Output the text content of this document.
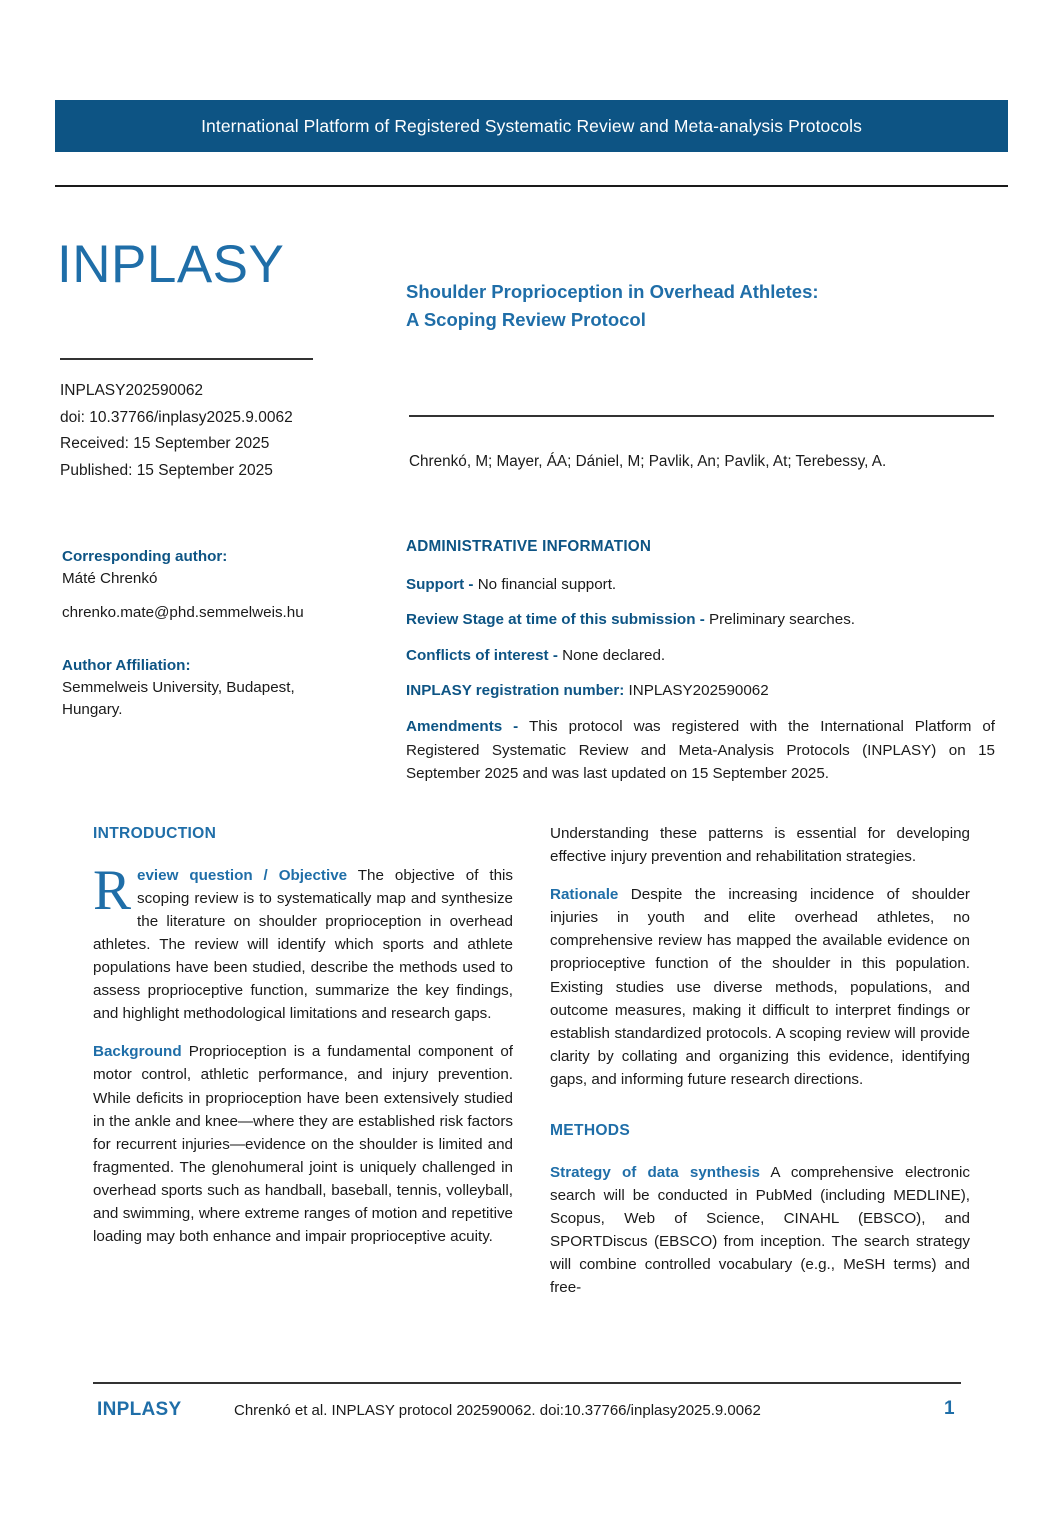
International Platform of Registered Systematic Review and Meta-analysis Protocols
INPLASY
INPLASY202590062
doi: 10.37766/inplasy2025.9.0062
Received: 15 September 2025
Published: 15 September 2025
Corresponding author:
Máté Chrenkó
chrenko.mate@phd.semmelweis.hu
Author Affiliation:
Semmelweis University, Budapest,
Hungary.
Shoulder Proprioception in Overhead Athletes:
A Scoping Review Protocol
Chrenkó, M; Mayer, ÁA; Dániel, M; Pavlik, An; Pavlik, At; Terebessy, A.
ADMINISTRATIVE INFORMATION

Support - No financial support.

Review Stage at time of this submission - Preliminary searches.

Conflicts of interest - None declared.

INPLASY registration number: INPLASY202590062

Amendments - This protocol was registered with the International Platform of Registered Systematic Review and Meta-Analysis Protocols (INPLASY) on 15 September 2025 and was last updated on 15 September 2025.

INTRODUCTION

Review question / Objective The objective of this scoping review is to systematically map and synthesize the literature on shoulder proprioception in overhead athletes. The review will identify which sports and athlete populations have been studied, describe the methods used to assess proprioceptive function, summarize the key findings, and highlight methodological limitations and research gaps.

Background Proprioception is a fundamental component of motor control, athletic performance, and injury prevention. While deficits in proprioception have been extensively studied in the ankle and knee—where they are established risk factors for recurrent injuries—evidence on the shoulder is limited and fragmented. The glenohumeral joint is uniquely challenged in overhead sports such as handball, baseball, tennis, volleyball, and swimming, where extreme ranges of motion and repetitive loading may both enhance and impair proprioceptive acuity.

Understanding these patterns is essential for developing effective injury prevention and rehabilitation strategies.

Rationale Despite the increasing incidence of shoulder injuries in youth and elite overhead athletes, no comprehensive review has mapped the available evidence on proprioceptive function of the shoulder in this population. Existing studies use diverse methods, populations, and outcome measures, making it difficult to interpret findings or establish standardized protocols. A scoping review will provide clarity by collating and organizing this evidence, identifying gaps, and informing future research directions.

METHODS

Strategy of data synthesis A comprehensive electronic search will be conducted in PubMed (including MEDLINE), Scopus, Web of Science, CINAHL (EBSCO), and SPORTDiscus (EBSCO) from inception. The search strategy will combine controlled vocabulary (e.g., MeSH terms) and free-

INPLASY	Chrenkó et al. INPLASY protocol 202590062. doi:10.37766/inplasy2025.9.0062	1
